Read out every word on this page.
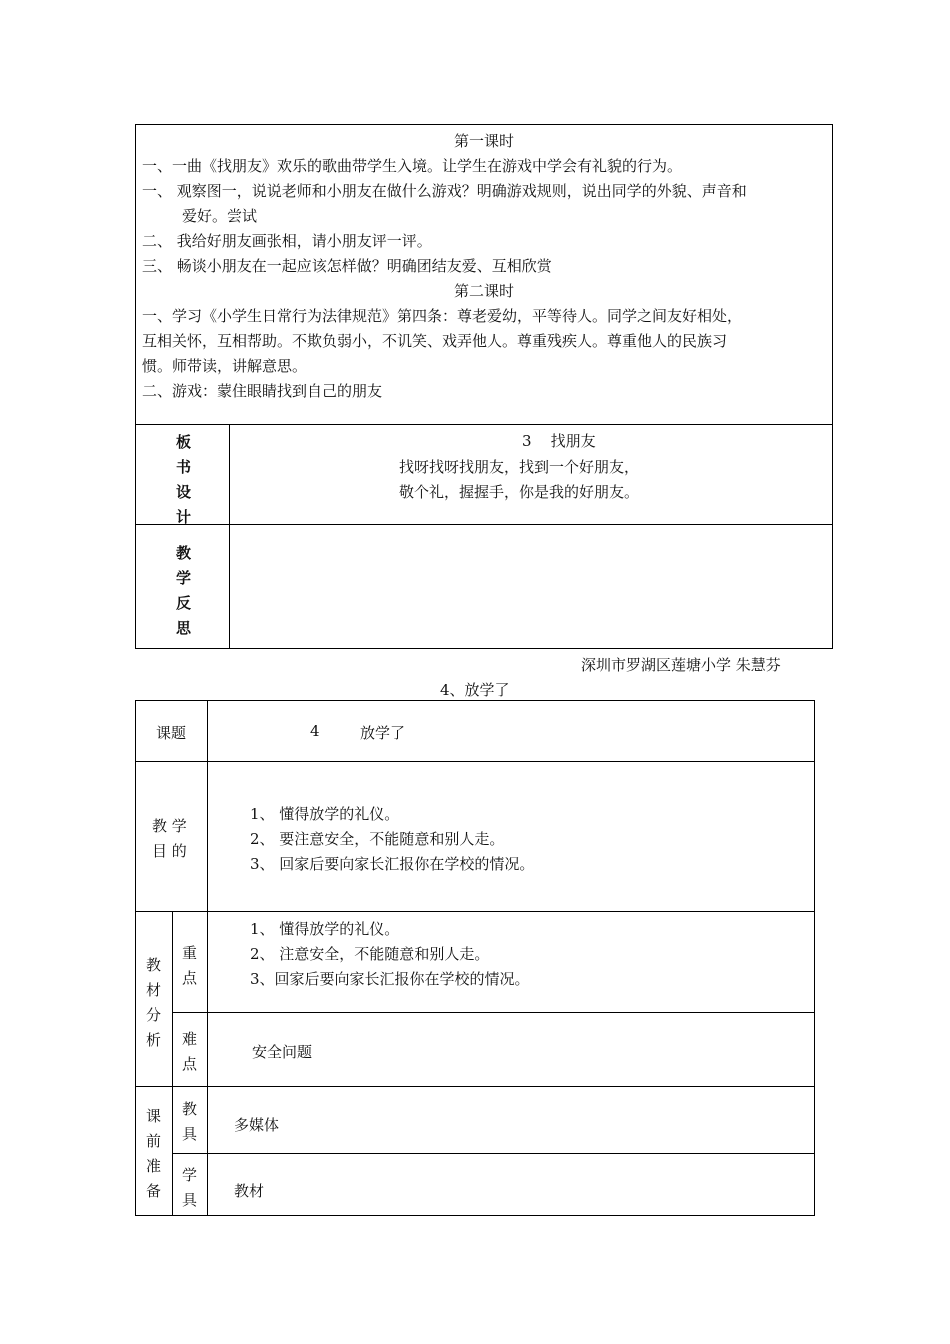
第一课时
一、一曲《找朋友》欢乐的歌曲带学生入境。让学生在游戏中学会有礼貌的行为。
一、 观察图一，说说老师和小朋友在做什么游戏？明确游戏规则，说出同学的外貌、声音和
爱好。尝试
二、 我给好朋友画张相，请小朋友评一评。
三、 畅谈小朋友在一起应该怎样做？明确团结友爱、互相欣赏
第二课时
一、学习《小学生日常行为法律规范》第四条：尊老爱幼，平等待人。同学之间友好相处，
互相关怀，互相帮助。不欺负弱小，不讥笑、戏弄他人。尊重残疾人。尊重他人的民族习
惯。师带读，讲解意思。
二、游戏：蒙住眼睛找到自己的朋友
板
书
设
计
3    找朋友
找呀找呀找朋友，找到一个好朋友，
敬个礼，握握手，你是我的好朋友。
教
学
反
思
深圳市罗湖区莲塘小学 朱慧芬
4、放学了
课题	4	放学了
教 学
目 的
1、 懂得放学的礼仪。
2、 要注意安全，不能随意和别人走。
3、 回家后要向家长汇报你在学校的情况。
教
材
分
析
重
点
1、 懂得放学的礼仪。
2、 注意安全，不能随意和别人走。
3、回家后要向家长汇报你在学校的情况。
难
点
安全问题
课
前
准
备
教
具 多媒体
学
具 教材
